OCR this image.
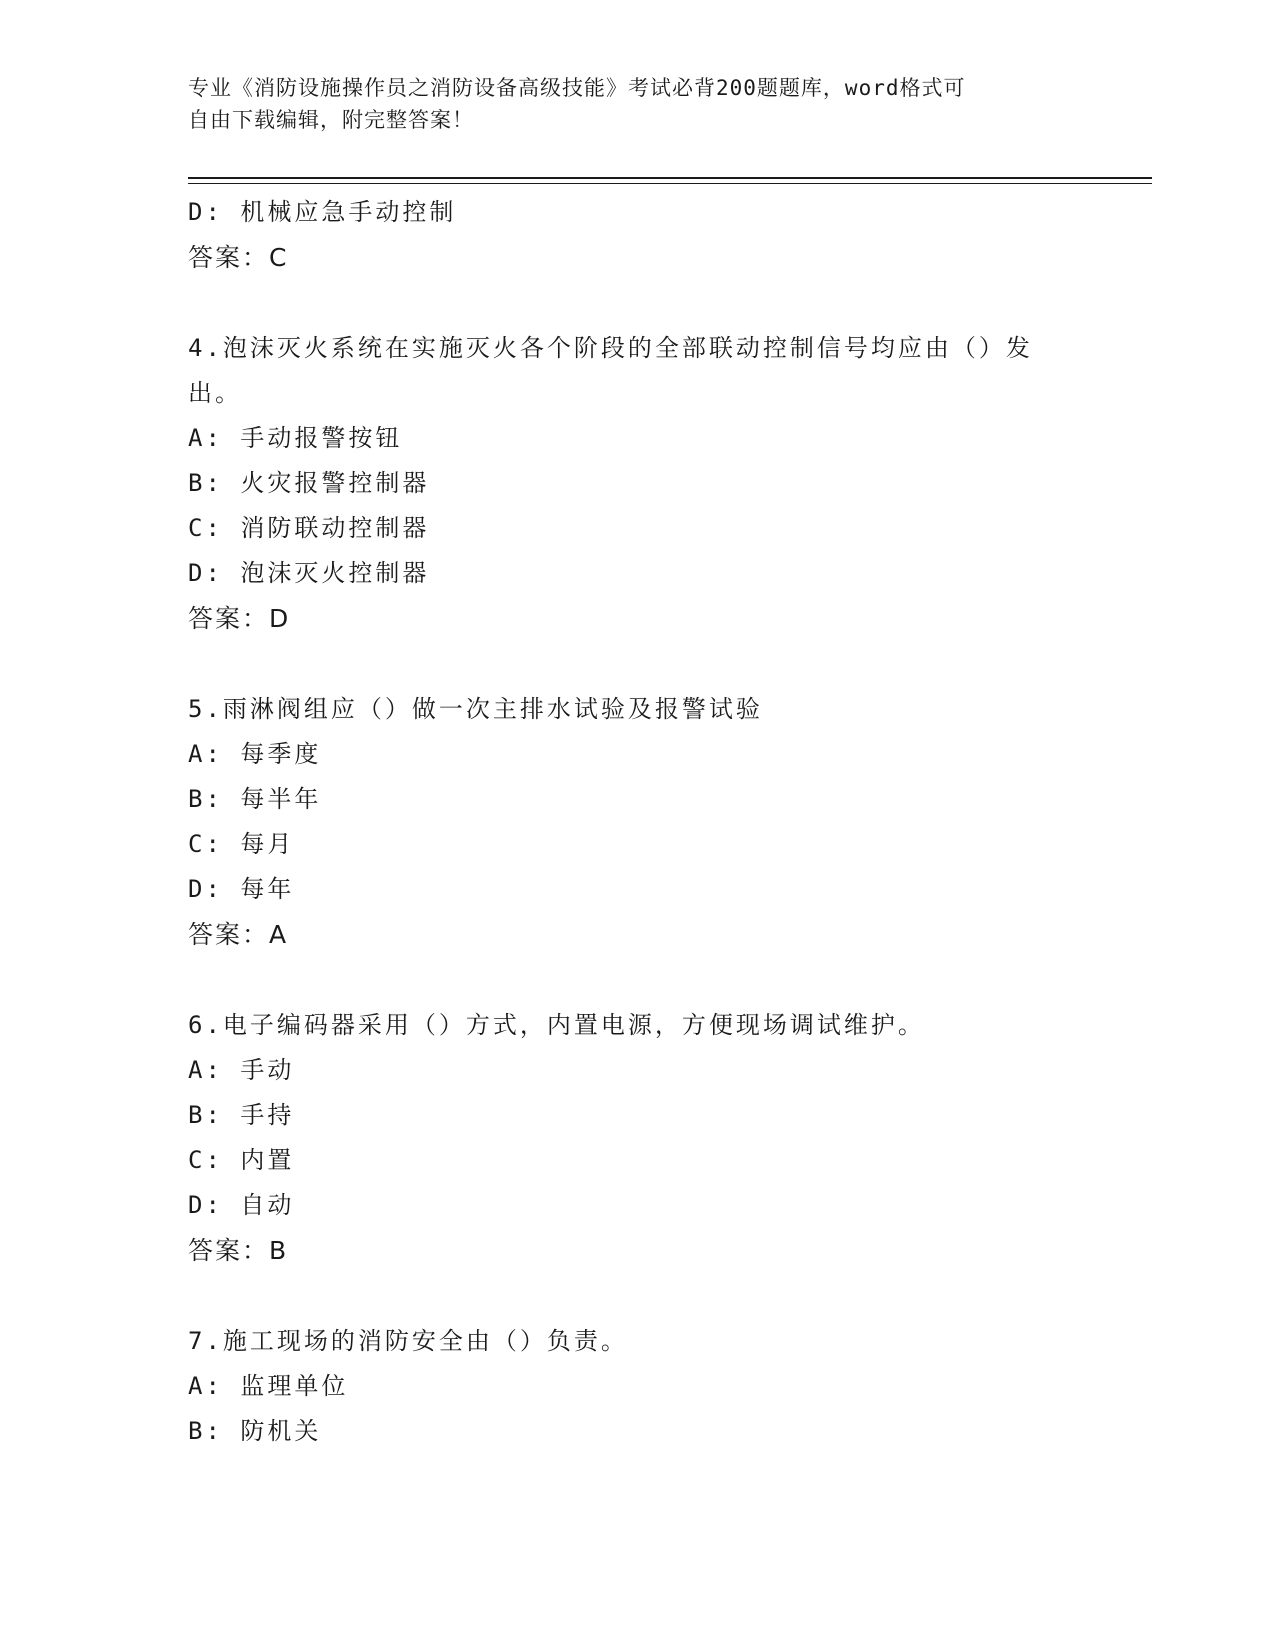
专业《消防设施操作员之消防设备高级技能》考试必背200题题库，word格式可
自由下载编辑，附完整答案！
D: 机械应急手动控制
答案：C
4.泡沫灭火系统在实施灭火各个阶段的全部联动控制信号均应由（）发出。
A: 手动报警按钮
B: 火灾报警控制器
C: 消防联动控制器
D: 泡沫灭火控制器
答案：D
5.雨淋阀组应（）做一次主排水试验及报警试验
A: 每季度
B: 每半年
C: 每月
D: 每年
答案：A
6.电子编码器采用（）方式，内置电源，方便现场调试维护。
A: 手动
B: 手持
C: 内置
D: 自动
答案：B
7.施工现场的消防安全由（）负责。
A: 监理单位
B: 防机关
